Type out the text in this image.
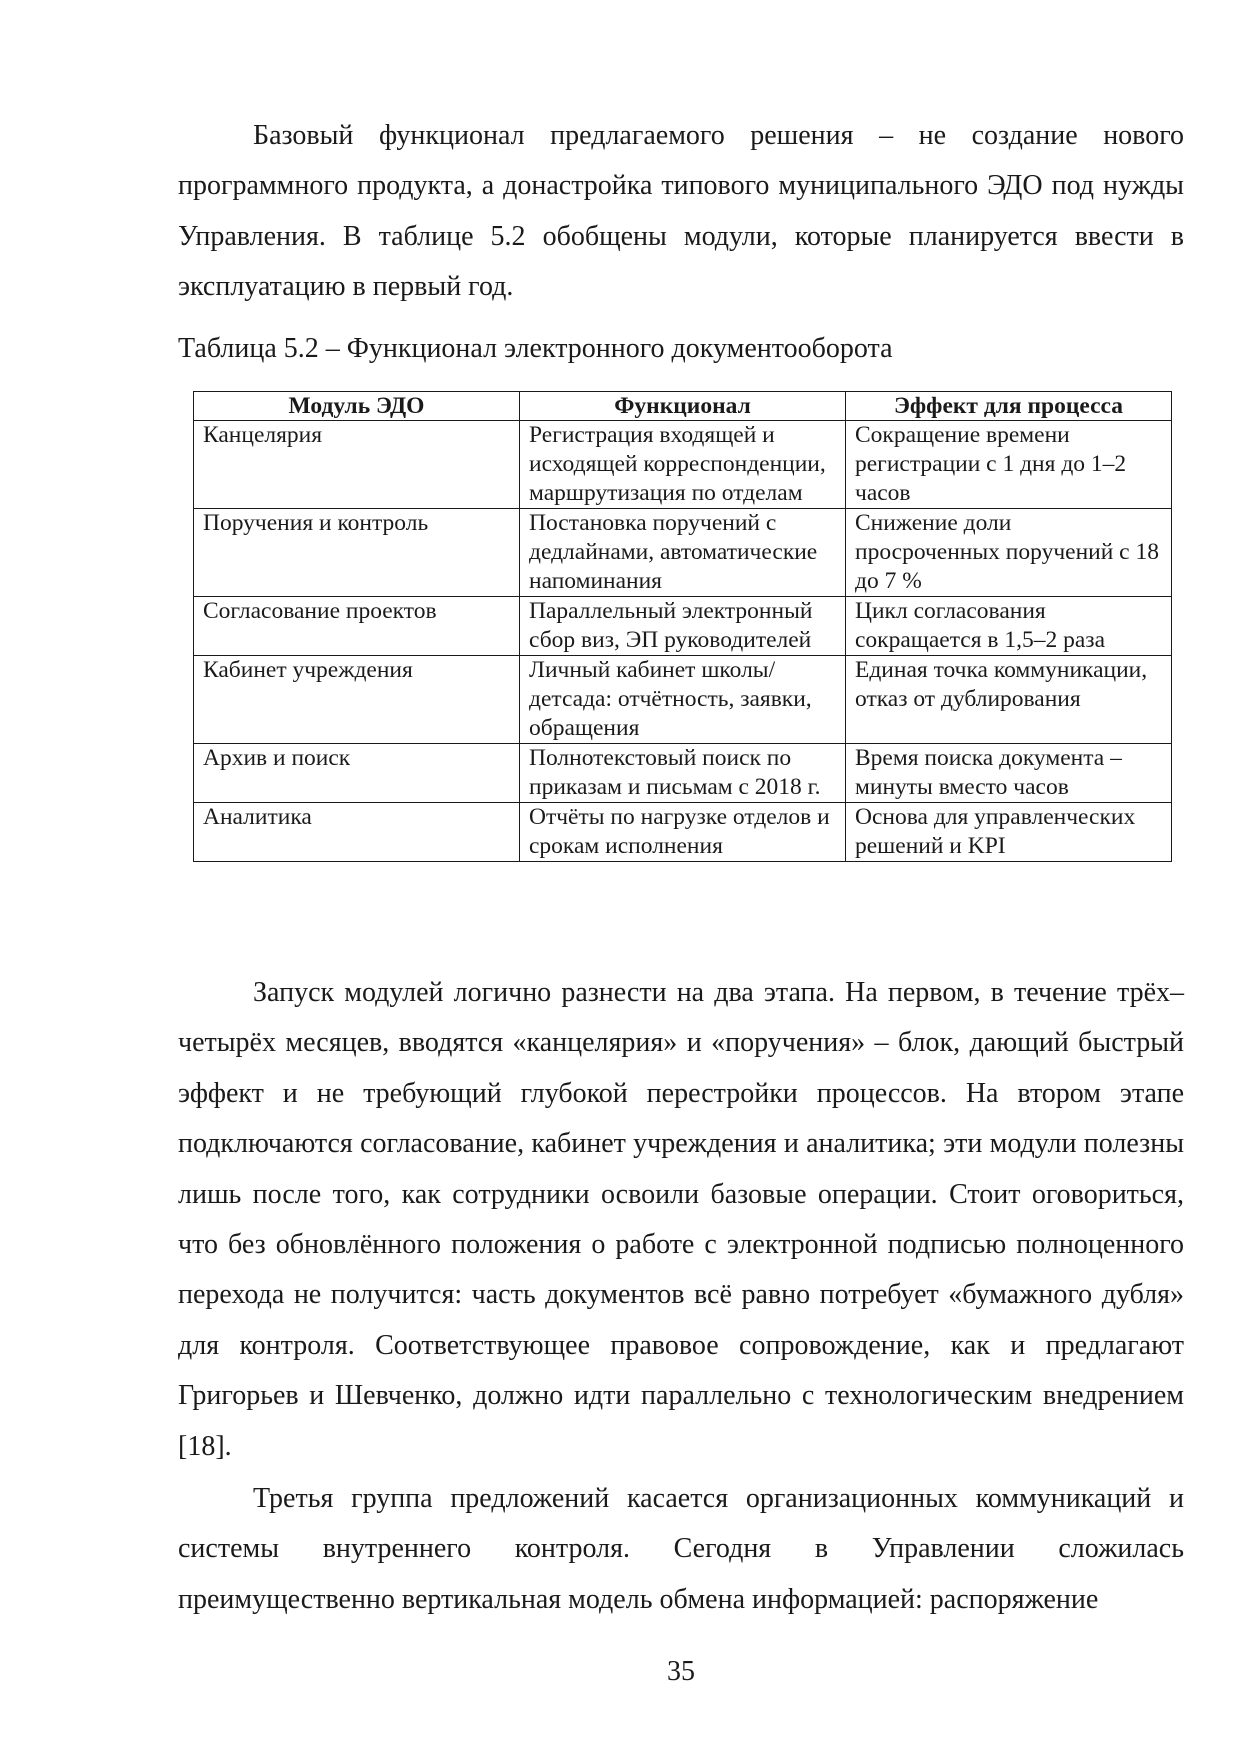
Базовый функционал предлагаемого решения – не создание нового программного продукта, а донастройка типового муниципального ЭДО под нужды Управления. В таблице 5.2 обобщены модули, которые планируется ввести в эксплуатацию в первый год.

Таблица 5.2 – Функционал электронного документооборота

Модуль ЭДО	Функционал	Эффект для процесса
Канцелярия	Регистрация входящей и исходящей корреспонденции, маршрутизация по отделам	Сокращение времени регистрации с 1 дня до 1–2 часов
Поручения и контроль	Постановка поручений с дедлайнами, автоматические напоминания	Снижение доли просроченных поручений с 18 до 7 %
Согласование проектов	Параллельный электронный сбор виз, ЭП руководителей	Цикл согласования сокращается в 1,5–2 раза
Кабинет учреждения	Личный кабинет школы/детсада: отчётность, заявки, обращения	Единая точка коммуникации, отказ от дублирования
Архив и поиск	Полнотекстовый поиск по приказам и письмам с 2018 г.	Время поиска документа – минуты вместо часов
Аналитика	Отчёты по нагрузке отделов и срокам исполнения	Основа для управленческих решений и KPI

Запуск модулей логично разнести на два этапа. На первом, в течение трёх–четырёх месяцев, вводятся «канцелярия» и «поручения» – блок, дающий быстрый эффект и не требующий глубокой перестройки процессов. На втором этапе подключаются согласование, кабинет учреждения и аналитика; эти модули полезны лишь после того, как сотрудники освоили базовые операции. Стоит оговориться, что без обновлённого положения о работе с электронной подписью полноценного перехода не получится: часть документов всё равно потребует «бумажного дубля» для контроля. Соответствующее правовое сопровождение, как и предлагают Григорьев и Шевченко, должно идти параллельно с технологическим внедрением [18].

Третья группа предложений касается организационных коммуникаций и системы внутреннего контроля. Сегодня в Управлении сложилась преимущественно вертикальная модель обмена информацией: распоряжение

35
